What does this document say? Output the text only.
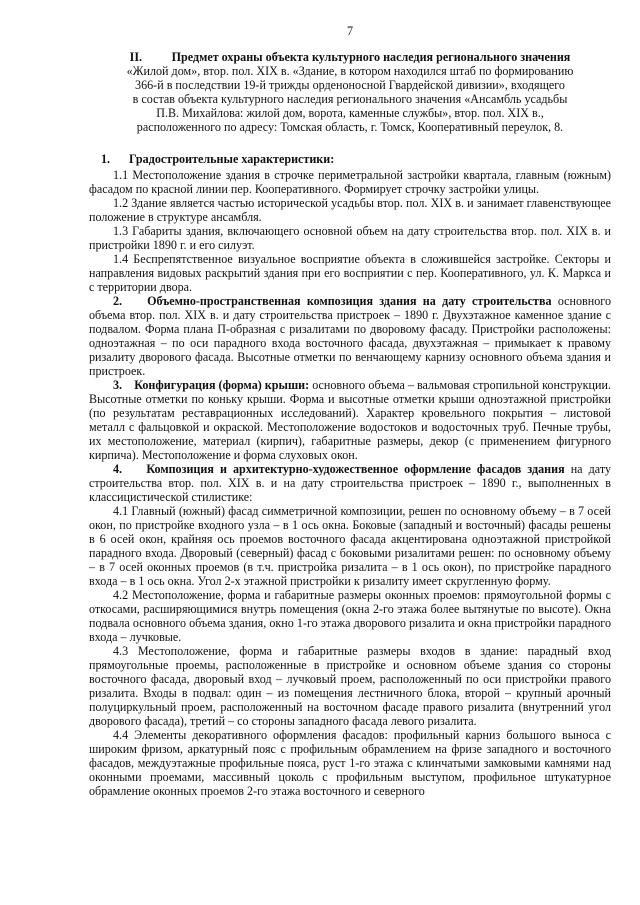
7
II. Предмет охраны объекта культурного наследия регионального значения
«Жилой дом», втор. пол. XIX в. «Здание, в котором находился штаб по формированию
366-й в последствии 19-й трижды орденоносной Гвардейской дивизии», входящего
в состав объекта культурного наследия регионального значения «Ансамбль усадьбы
П.В. Михайлова: жилой дом, ворота, каменные службы», втор. пол. XIX в.,
расположенного по адресу: Томская область, г. Томск, Кооперативный переулок, 8.
1. Градостроительные характеристики:

1.1 Местоположение здания в строчке периметральной застройки квартала, главным (южным) фасадом по красной линии пер. Кооперативного. Формирует строчку застройки улицы.

1.2 Здание является частью исторической усадьбы втор. пол. XIX в. и занимает главенствующее положение в структуре ансамбля.

1.3 Габариты здания, включающего основной объем на дату строительства втор. пол. XIX в. и пристройки 1890 г. и его силуэт.

1.4 Беспрепятственное визуальное восприятие объекта в сложившейся застройке. Секторы и направления видовых раскрытий здания при его восприятии с пер. Кооперативного, ул. К. Маркса и с территории двора.

2. Объемно-пространственная композиция здания на дату строительства основного объема втор. пол. XIX в. и дату строительства пристроек – 1890 г. Двухэтажное каменное здание с подвалом. Форма плана П-образная с ризалитами по дворовому фасаду. Пристройки расположены: одноэтажная – по оси парадного входа восточного фасада, двухэтажная – примыкает к правому ризалиту дворового фасада. Высотные отметки по венчающему карнизу основного объема здания и пристроек.

3. Конфигурация (форма) крыши: основного объема – вальмовая стропильной конструкции. Высотные отметки по коньку крыши. Форма и высотные отметки крыши одноэтажной пристройки (по результатам реставрационных исследований). Характер кровельного покрытия – листовой металл с фальцовкой и окраской. Местоположение водостоков и водосточных труб. Печные трубы, их местоположение, материал (кирпич), габаритные размеры, декор (с применением фигурного кирпича). Местоположение и форма слуховых окон.

4. Композиция и архитектурно-художественное оформление фасадов здания на дату строительства втор. пол. XIX в. и на дату строительства пристроек – 1890 г., выполненных в классицистической стилистике:

4.1 Главный (южный) фасад симметричной композиции, решен по основному объему – в 7 осей окон, по пристройке входного узла – в 1 ось окна. Боковые (западный и восточный) фасады решены в 6 осей окон, крайняя ось проемов восточного фасада акцентирована одноэтажной пристройкой парадного входа. Дворовый (северный) фасад с боковыми ризалитами решен: по основному объему – в 7 осей оконных проемов (в т.ч. пристройка ризалита – в 1 ось окон), по пристройке парадного входа – в 1 ось окна. Угол 2-х этажной пристройки к ризалиту имеет скругленную форму.

4.2 Местоположение, форма и габаритные размеры оконных проемов: прямоугольной формы с откосами, расширяющимися внутрь помещения (окна 2-го этажа более вытянутые по высоте). Окна подвала основного объема здания, окно 1-го этажа дворового ризалита и окна пристройки парадного входа – лучковые.

4.3 Местоположение, форма и габаритные размеры входов в здание: парадный вход прямоугольные проемы, расположенные в пристройке и основном объеме здания со стороны восточного фасада, дворовый вход – лучковый проем, расположенный по оси пристройки правого ризалита. Входы в подвал: один – из помещения лестничного блока, второй – крупный арочный полуциркульный проем, расположенный на восточном фасаде правого ризалита (внутренний угол дворового фасада), третий – со стороны западного фасада левого ризалита.

4.4 Элементы декоративного оформления фасадов: профильный карниз большого выноса с широким фризом, аркатурный пояс с профильным обрамлением на фризе западного и восточного фасадов, междуэтажные профильные пояса, руст 1-го этажа с клинчатыми замковыми камнями над оконными проемами, массивный цоколь с профильным выступом, профильное штукатурное обрамление оконных проемов 2-го этажа восточного и северного
